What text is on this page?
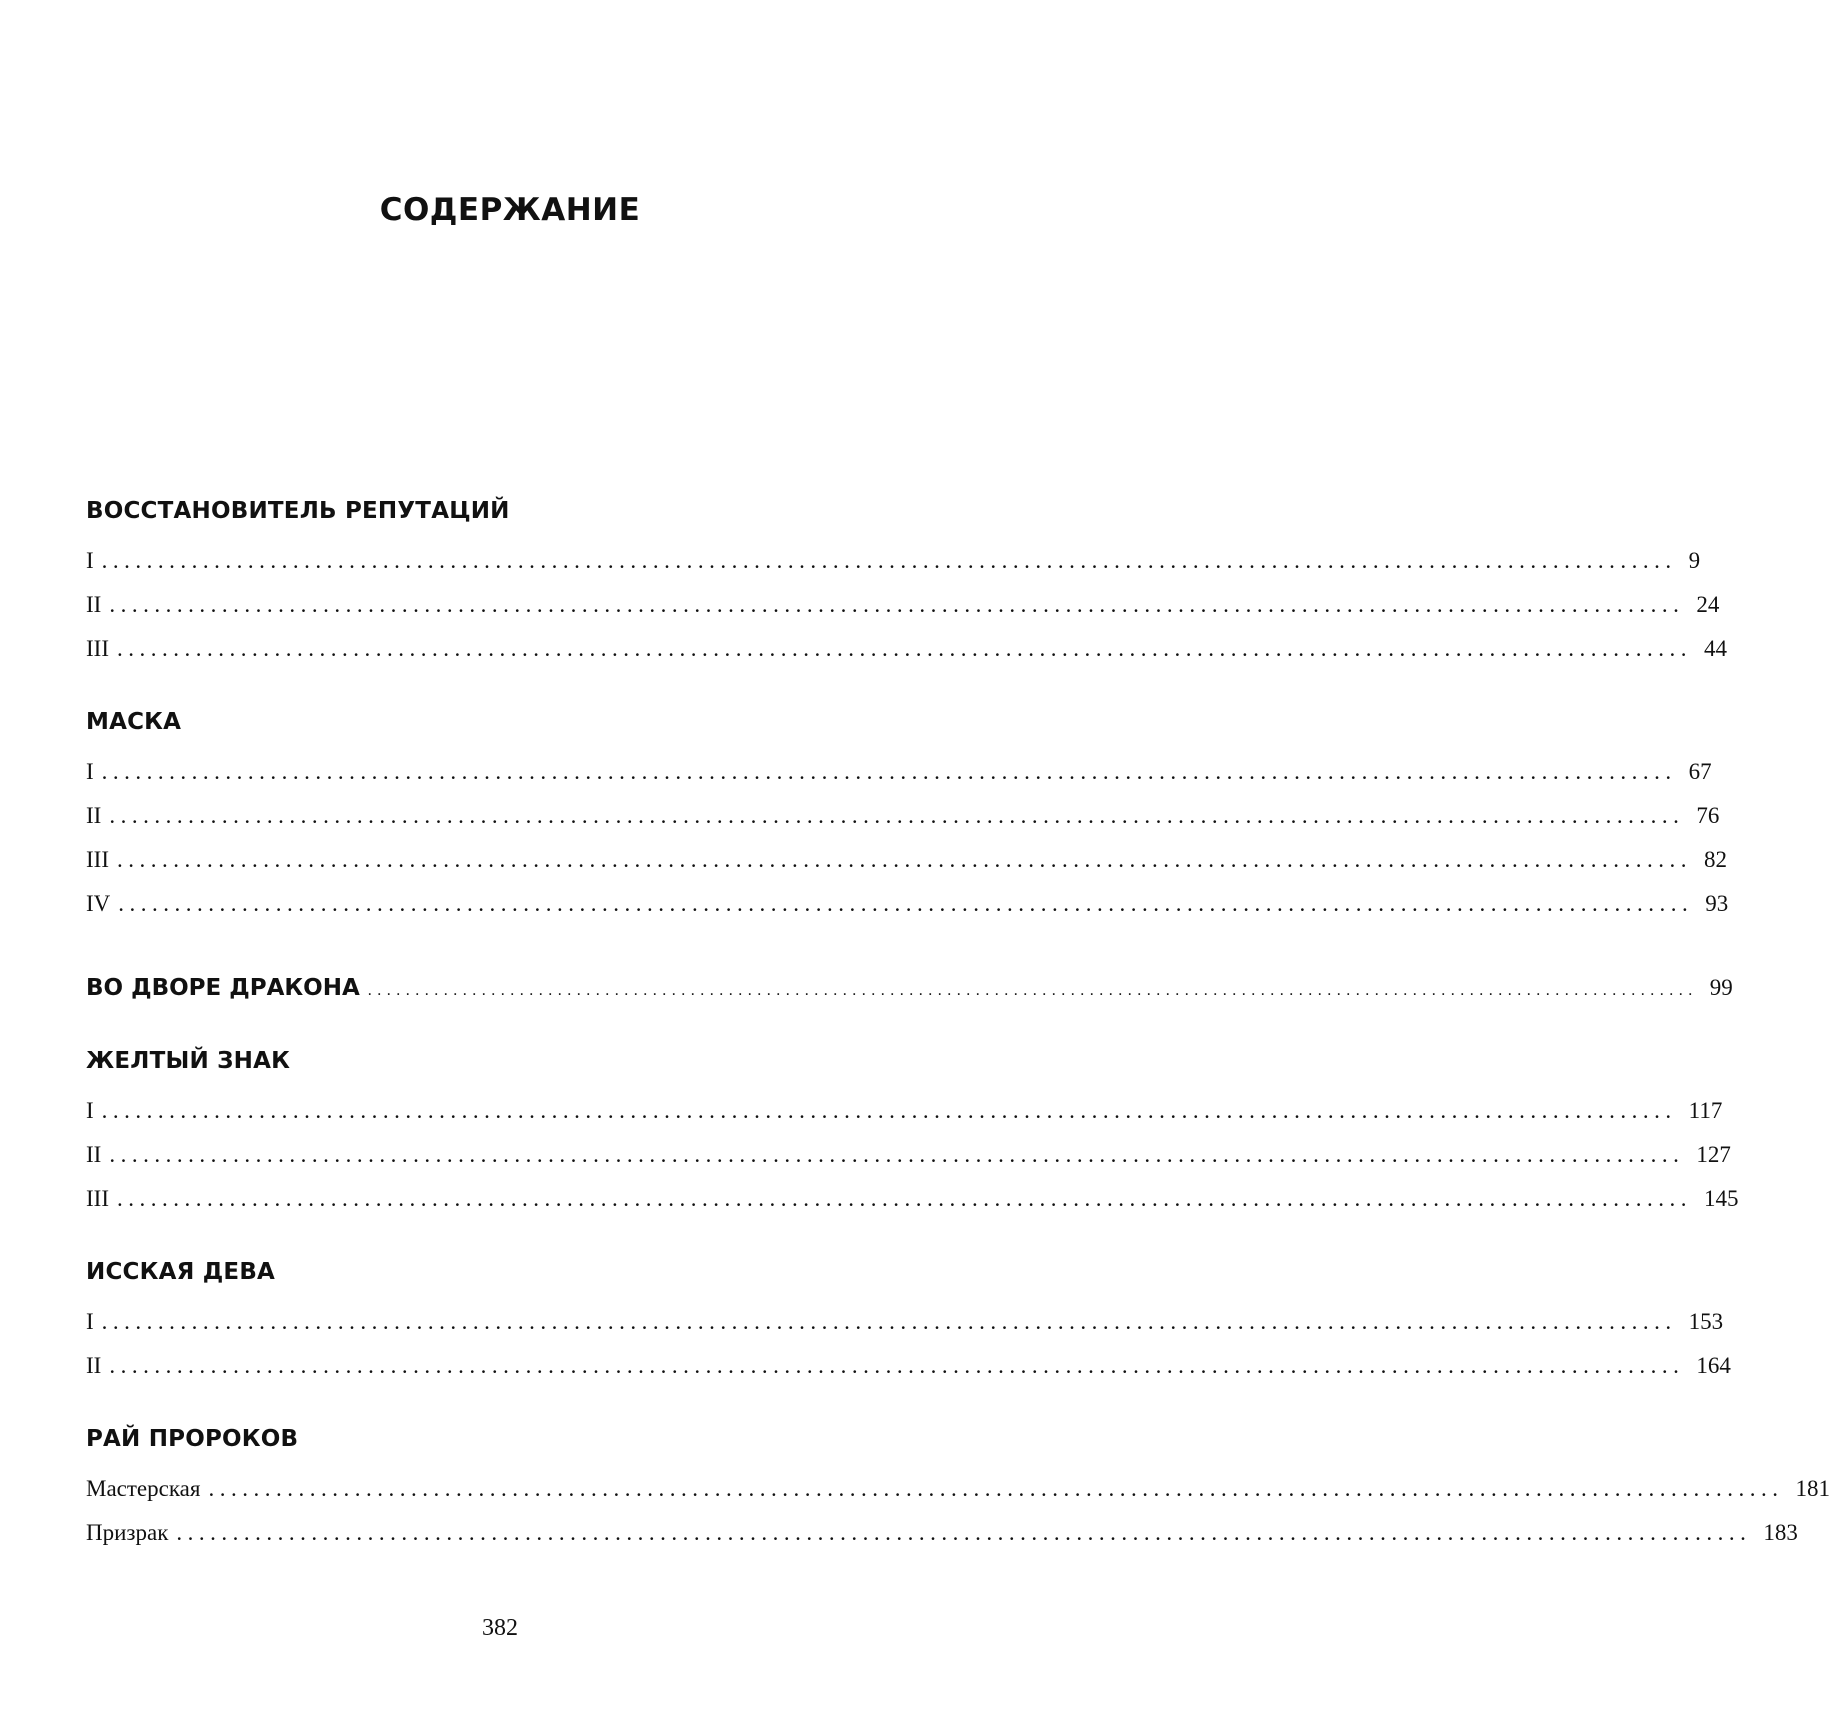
СОДЕРЖАНИЕ
ВОССТАНОВИТЕЛЬ РЕПУТАЦИЙ
I ............................................................................................................................................ 9
II ............................................................................................................................................ 24
III ............................................................................................................................................ 44
МАСКА
I ............................................................................................................................................ 67
II ............................................................................................................................................ 76
III ............................................................................................................................................ 82
IV ............................................................................................................................................ 93
ВО ДВОРЕ ДРАКОНА ............................................................................................................................................ 99
ЖЕЛТЫЙ ЗНАК
I ............................................................................................................................................ 117
II ............................................................................................................................................ 127
III ............................................................................................................................................ 145
ИССКАЯ ДЕВА
I ............................................................................................................................................ 153
II ............................................................................................................................................ 164
РАЙ ПРОРОКОВ
Мастерская ............................................................................................................................................ 181
Призрак ............................................................................................................................................ 183
382
